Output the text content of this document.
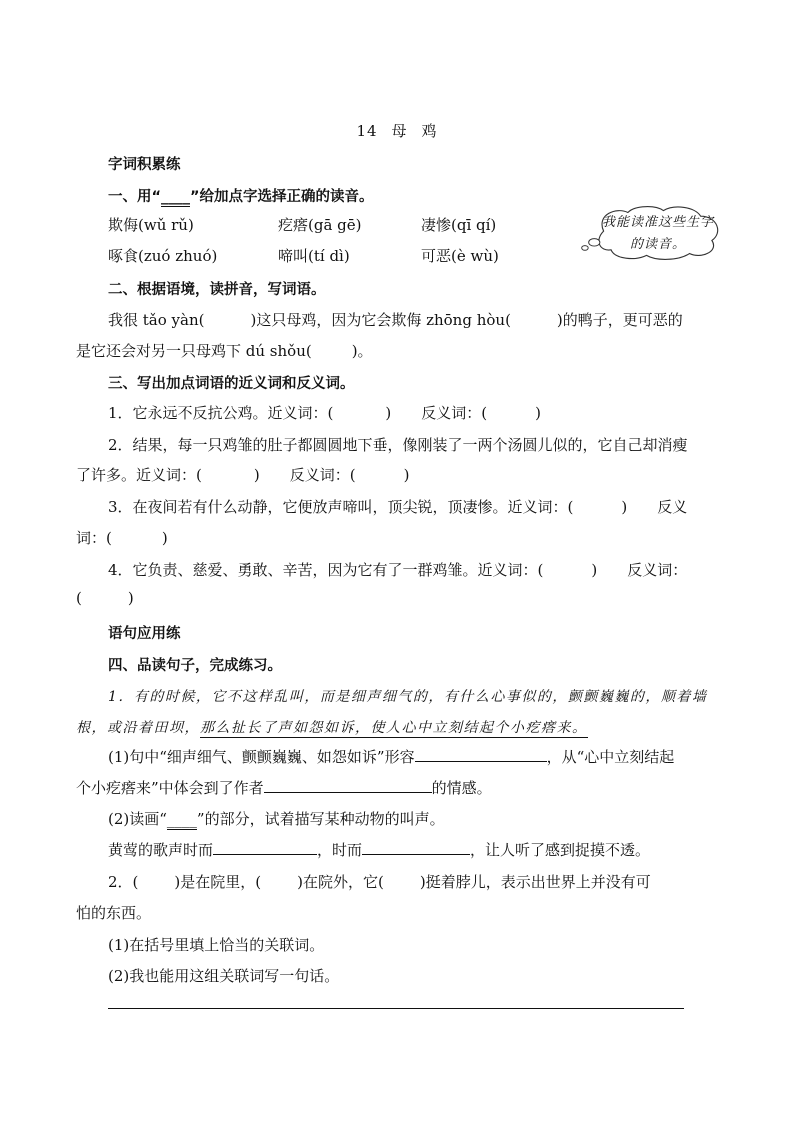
14 母 鸡
字词积累练
一、用“____”给加点字选择正确的读音。
欺侮(wǔ rǔ)	疙瘩(gā gē)	凄惨(qī qí)
啄食(zuó zhuó)	啼叫(tí dì)	可恶(è wù)
我能读准这些生字的读音。
二、根据语境，读拼音，写词语。
我很 tǎo yàn(	)这只母鸡，因为它会欺侮 zhōng hòu(	)的鸭子，更可恶的
是它还会对另一只母鸡下 dú shǒu(	)。
三、写出加点词语的近义词和反义词。
1．它永远不反抗公鸡。近义词：(	) 反义词：(	)
2．结果，每一只鸡雏的肚子都圆圆地下垂，像刚装了一两个汤圆儿似的，它自己却消瘦
了许多。近义词：(	) 反义词：(	)
3．在夜间若有什么动静，它便放声啼叫，顶尖锐，顶凄惨。近义词：(	) 反义
词：(	)
4．它负责、慈爱、勇敢、辛苦，因为它有了一群鸡雏。近义词：(	) 反义词：
(	)
语句应用练
四、品读句子，完成练习。
1．有的时候，它不这样乱叫，而是细声细气的，有什么心事似的，颤颤巍巍的，顺着墙
根，或沿着田坝，那么扯长了声如怨如诉，使人心中立刻结起个小疙瘩来。
(1)句中“细声细气、颤颤巍巍、如怨如诉”形容	，从“心中立刻结起
个小疙瘩来”中体会到了作者	的情感。
(2)读画“____”的部分，试着描写某种动物的叫声。
黄莺的歌声时而	，时而	，让人听了感到捉摸不透。
2．( )是在院里，( )在院外，它( )挺着脖儿，表示出世界上并没有可
怕的东西。
(1)在括号里填上恰当的关联词。
(2)我也能用这组关联词写一句话。
